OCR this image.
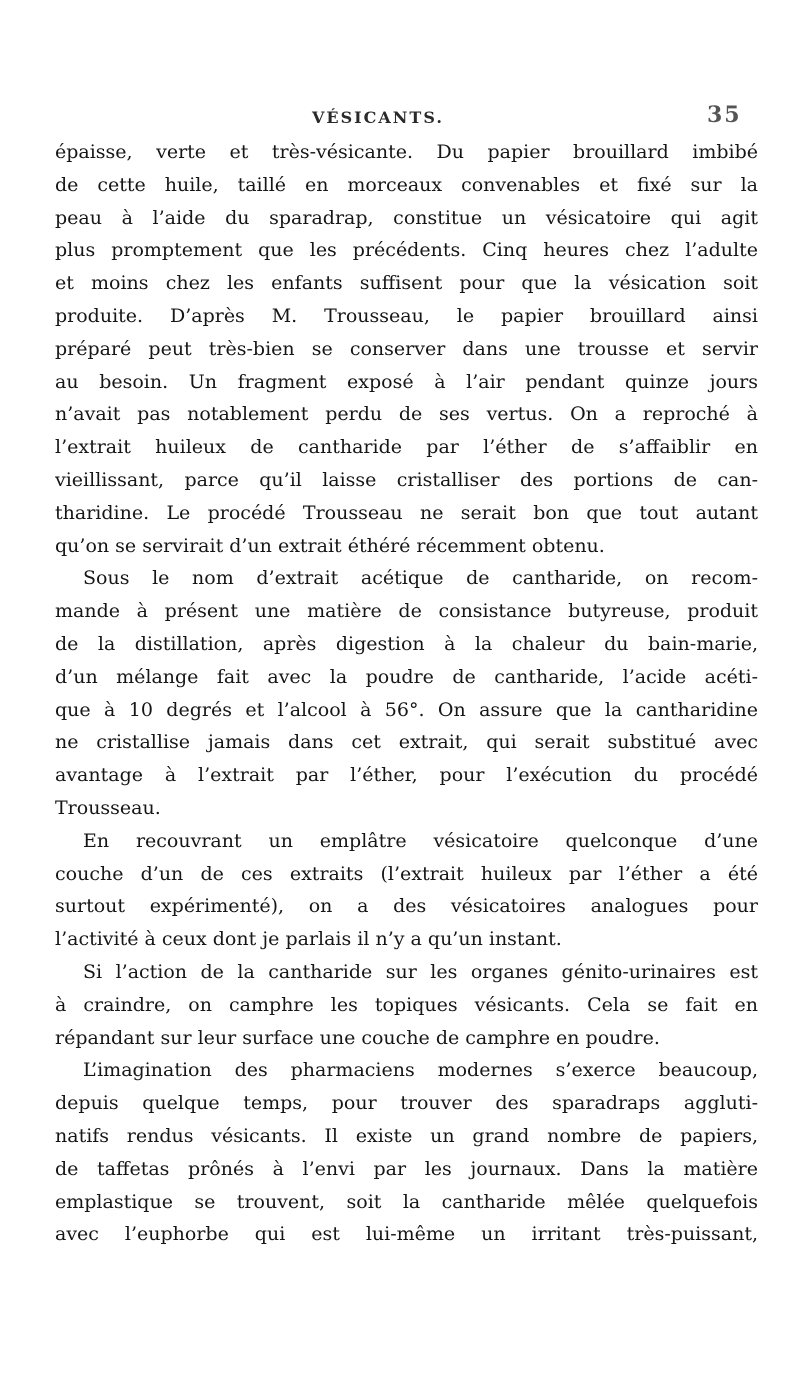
VÉSICANTS.	35
épaisse, verte et très-vésicante. Du papier brouillard imbibé
de cette huile, taillé en morceaux convenables et fixé sur la
peau à l’aide du sparadrap, constitue un vésicatoire qui agit
plus promptement que les précédents. Cinq heures chez l’adulte
et moins chez les enfants suffisent pour que la vésication soit
produite. D’après M. Trousseau, le papier brouillard ainsi
préparé peut très-bien se conserver dans une trousse et servir
au besoin. Un fragment exposé à l’air pendant quinze jours
n’avait pas notablement perdu de ses vertus. On a reproché à
l’extrait huileux de cantharide par l’éther de s’affaiblir en
vieillissant, parce qu’il laisse cristalliser des portions de can-
tharidine. Le procédé Trousseau ne serait bon que tout autant
qu’on se servirait d’un extrait éthéré récemment obtenu.
Sous le nom d’extrait acétique de cantharide, on recom-
mande à présent une matière de consistance butyreuse, produit
de la distillation, après digestion à la chaleur du bain-marie,
d’un mélange fait avec la poudre de cantharide, l’acide acéti-
que à 10 degrés et l’alcool à 56°. On assure que la cantharidine
ne cristallise jamais dans cet extrait, qui serait substitué avec
avantage à l’extrait par l’éther, pour l’exécution du procédé
Trousseau.
En recouvrant un emplâtre vésicatoire quelconque d’une
couche d’un de ces extraits (l’extrait huileux par l’éther a été
surtout expérimenté), on a des vésicatoires analogues pour
l’activité à ceux dont je parlais il n’y a qu’un instant.
Si l’action de la cantharide sur les organes génito-urinaires est
à craindre, on camphre les topiques vésicants. Cela se fait en
répandant sur leur surface une couche de camphre en poudre.
L’imagination des pharmaciens modernes s’exerce beaucoup,
depuis quelque temps, pour trouver des sparadraps aggluti-
natifs rendus vésicants. Il existe un grand nombre de papiers,
de taffetas prônés à l’envi par les journaux. Dans la matière
emplastique se trouvent, soit la cantharide mêlée quelquefois
avec l’euphorbe qui est lui-même un irritant très-puissant,
